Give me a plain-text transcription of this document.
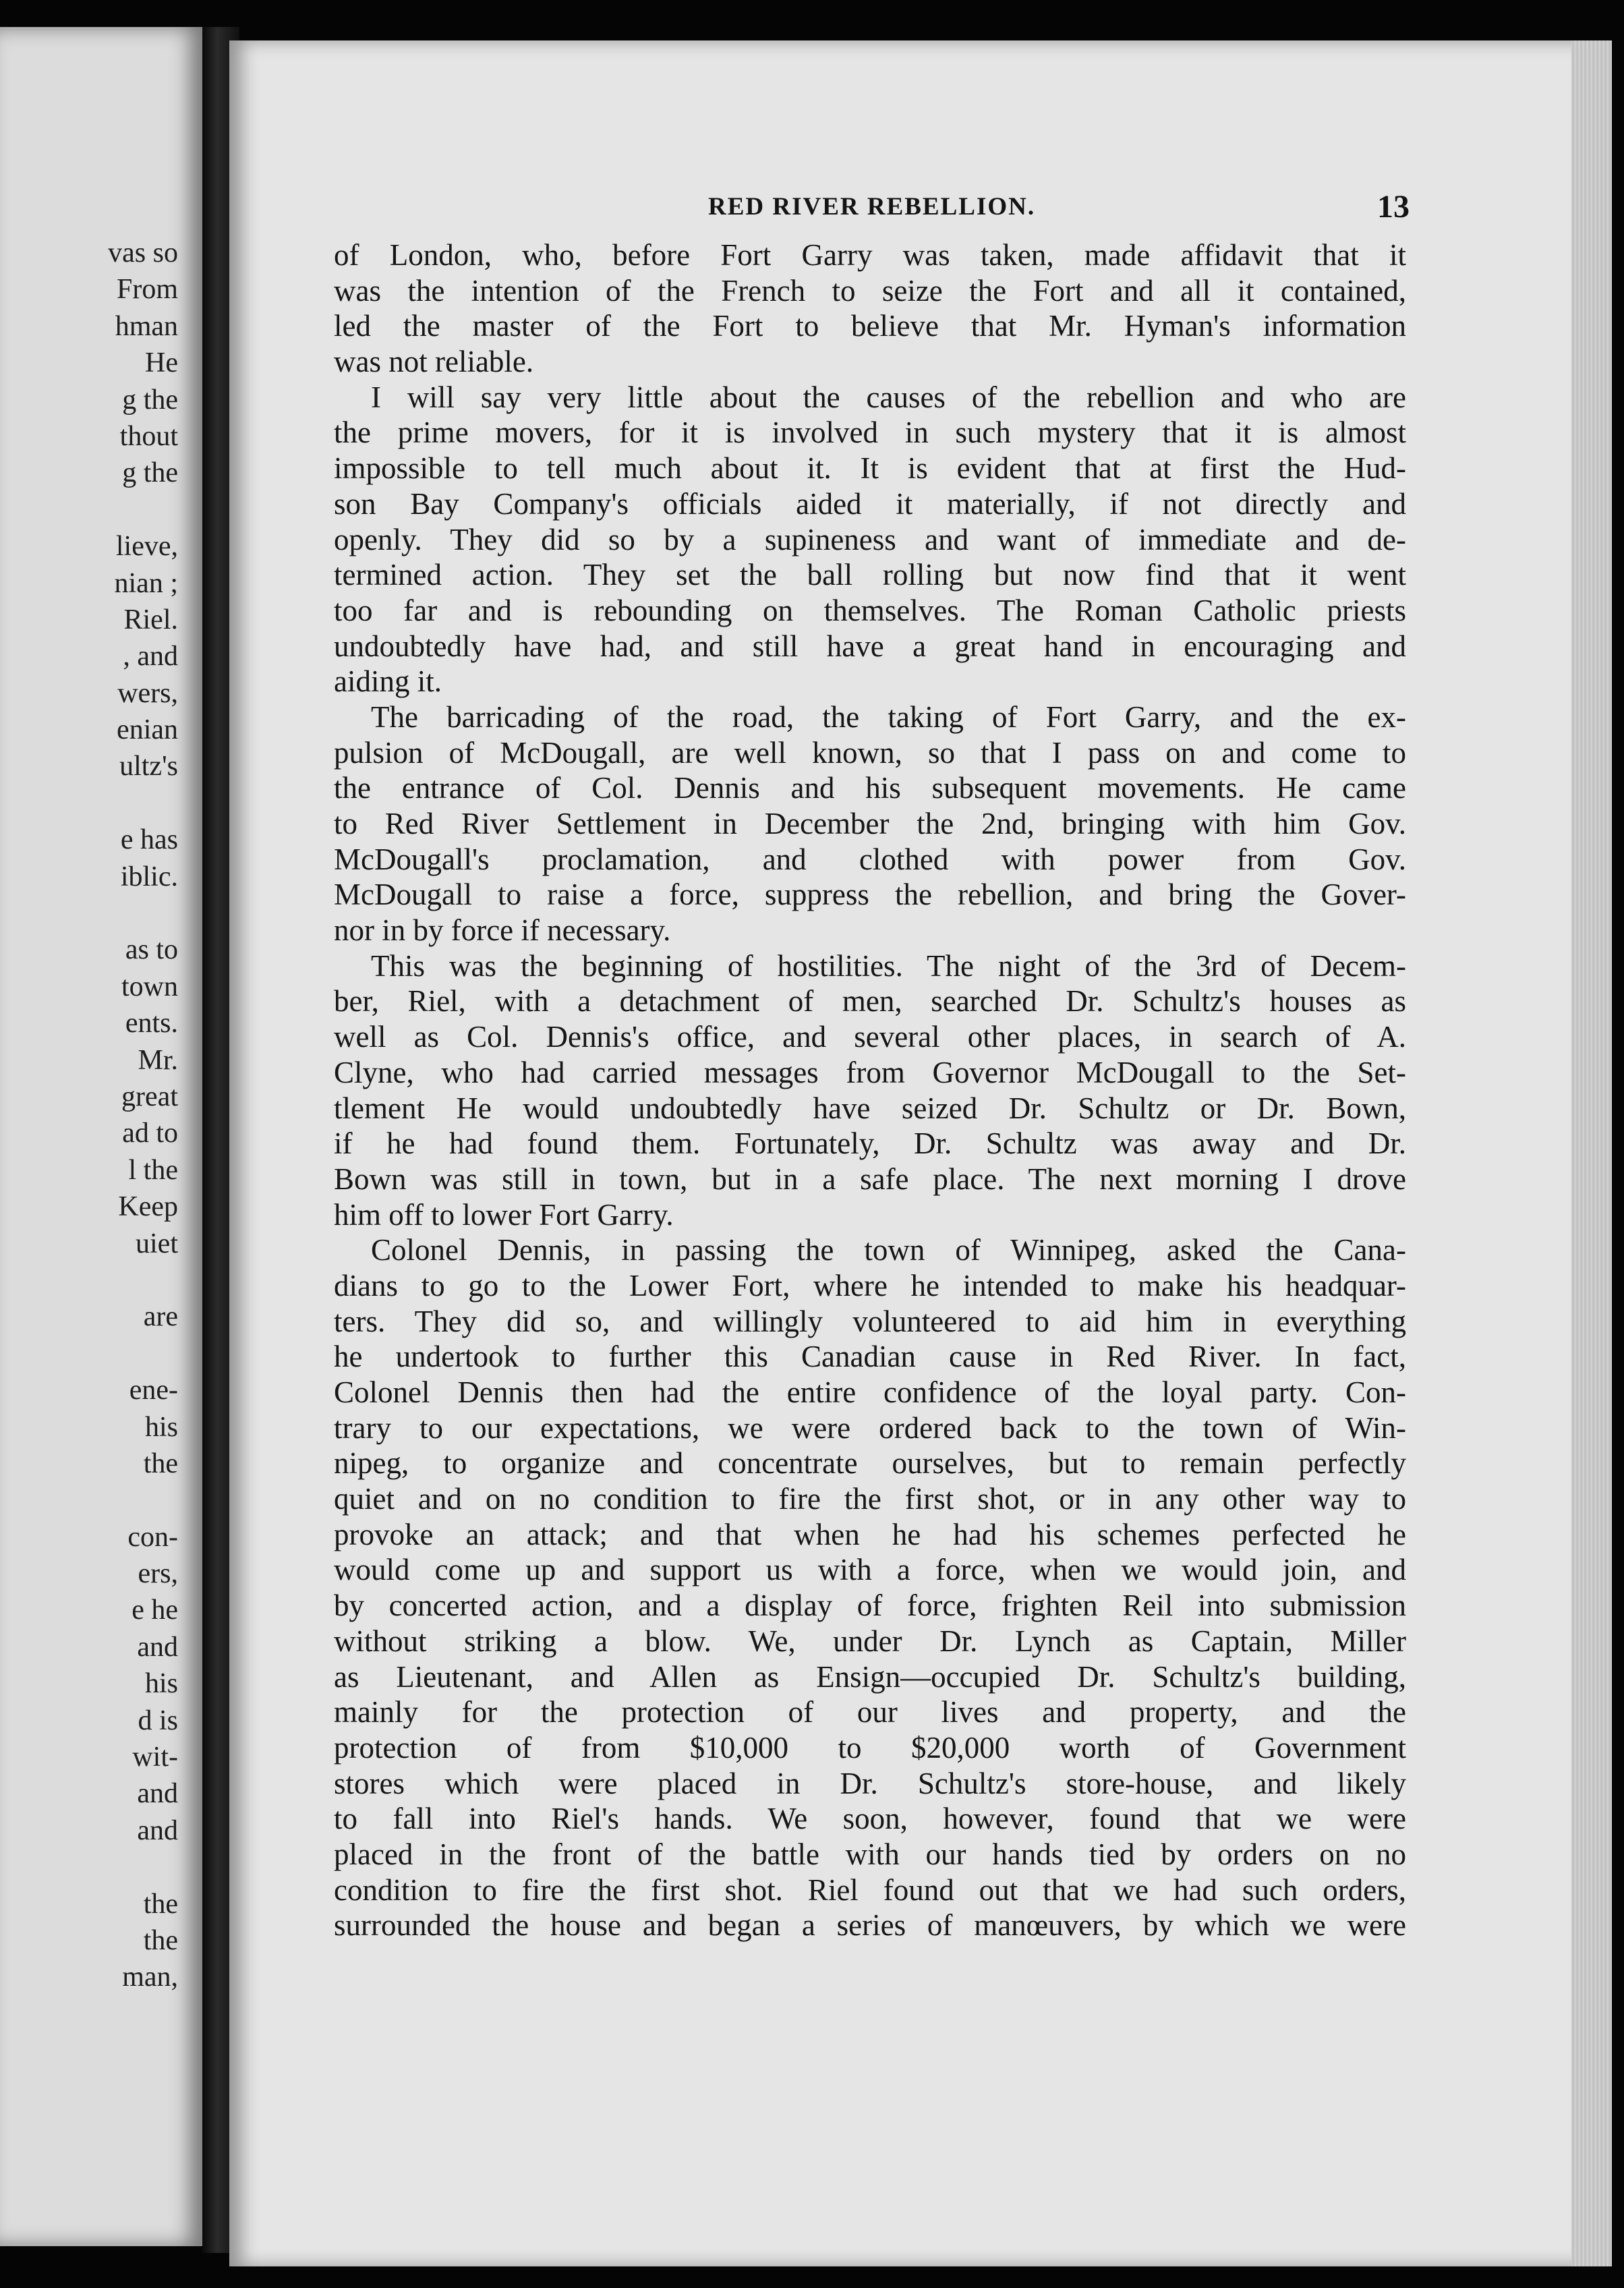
vas so
From
hman
He
g the
thout
g the
lieve,
nian ;
Riel.
, and
wers,
enian
ultz's
e has
iblic.
as to
town
ents.
Mr.
great
ad to
l the
Keep
uiet
are
ene-
his
the
con-
ers,
e he
and
his
d is
wit-
and
and
the
the
man,
RED RIVER REBELLION.	13
of London, who, before Fort Garry was taken, made affidavit that it
was the intention of the French to seize the Fort and all it contained,
led the master of the Fort to believe that Mr. Hyman's information
was not reliable.
I will say very little about the causes of the rebellion and who are
the prime movers, for it is involved in such mystery that it is almost
impossible to tell much about it. It is evident that at first the Hud-
son Bay Company's officials aided it materially, if not directly and
openly. They did so by a supineness and want of immediate and de-
termined action. They set the ball rolling but now find that it went
too far and is rebounding on themselves. The Roman Catholic priests
undoubtedly have had, and still have a great hand in encouraging and
aiding it.
The barricading of the road, the taking of Fort Garry, and the ex-
pulsion of McDougall, are well known, so that I pass on and come to
the entrance of Col. Dennis and his subsequent movements. He came
to Red River Settlement in December the 2nd, bringing with him Gov.
McDougall's proclamation, and clothed with power from Gov.
McDougall to raise a force, suppress the rebellion, and bring the Gover-
nor in by force if necessary.
This was the beginning of hostilities. The night of the 3rd of Decem-
ber, Riel, with a detachment of men, searched Dr. Schultz's houses as
well as Col. Dennis's office, and several other places, in search of A.
Clyne, who had carried messages from Governor McDougall to the Set-
tlement He would undoubtedly have seized Dr. Schultz or Dr. Bown,
if he had found them. Fortunately, Dr. Schultz was away and Dr.
Bown was still in town, but in a safe place. The next morning I drove
him off to lower Fort Garry.
Colonel Dennis, in passing the town of Winnipeg, asked the Cana-
dians to go to the Lower Fort, where he intended to make his headquar-
ters. They did so, and willingly volunteered to aid him in everything
he undertook to further this Canadian cause in Red River. In fact,
Colonel Dennis then had the entire confidence of the loyal party. Con-
trary to our expectations, we were ordered back to the town of Win-
nipeg, to organize and concentrate ourselves, but to remain perfectly
quiet and on no condition to fire the first shot, or in any other way to
provoke an attack; and that when he had his schemes perfected he
would come up and support us with a force, when we would join, and
by concerted action, and a display of force, frighten Reil into submission
without striking a blow. We, under Dr. Lynch as Captain, Miller
as Lieutenant, and Allen as Ensign—occupied Dr. Schultz's building,
mainly for the protection of our lives and property, and the
protection of from $10,000 to $20,000 worth of Government
stores which were placed in Dr. Schultz's store-house, and likely
to fall into Riel's hands. We soon, however, found that we were
placed in the front of the battle with our hands tied by orders on no
condition to fire the first shot. Riel found out that we had such orders,
surrounded the house and began a series of manœuvers, by which we were
